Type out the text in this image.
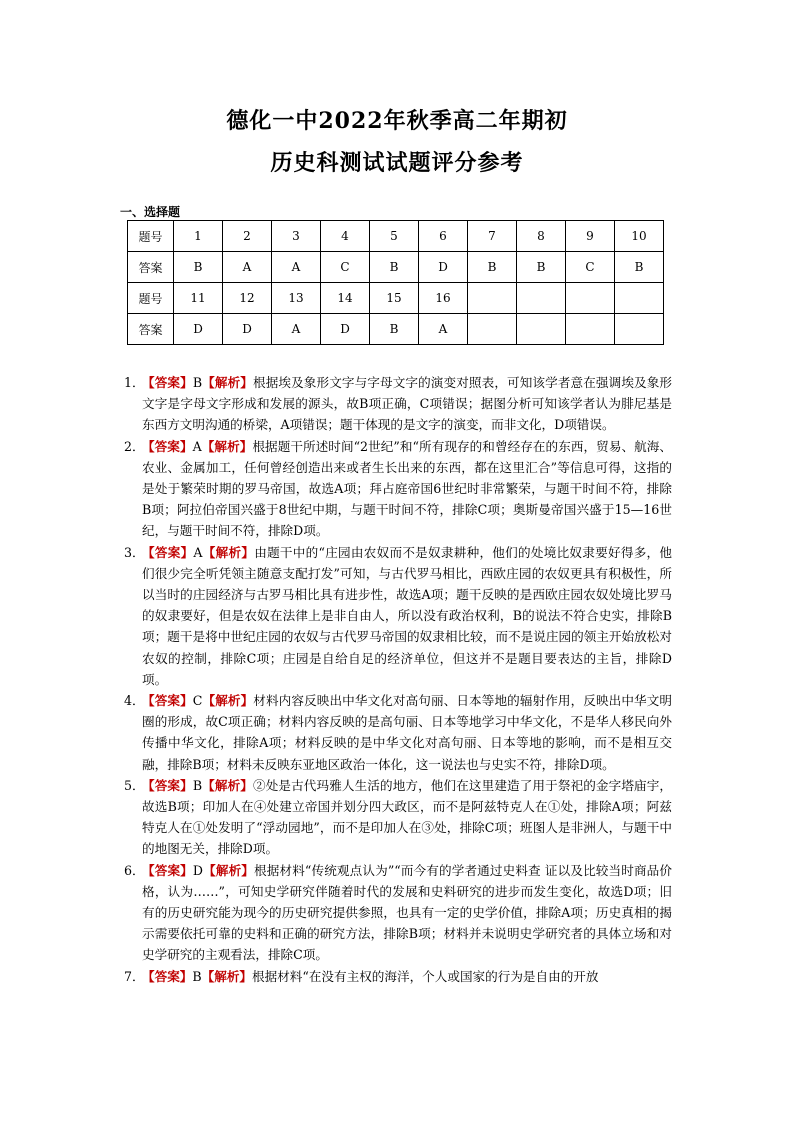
德化一中2022年秋季高二年期初
历史科测试试题评分参考
一、选择题
题号	1	2	3	4	5	6	7	8	9	10
答案	B	A	A	C	B	D	B	B	C	B
题号	11	12	13	14	15	16				
答案	D	D	A	D	B	A				
1．
【答案】B【解析】根据埃及象形文字与字母文字的演变对照表，可知该学者意在强调埃及象形文字是字母文字形成和发展的源头，故B项正确，C项错误；据图分析可知该学者认为腓尼基是东西方文明沟通的桥梁，A项错误；题干体现的是文字的演变，而非文化，D项错误。
2．
【答案】A【解析】根据题干所述时间“2世纪”和“所有现存的和曾经存在的东西，贸易、航海、农业、金属加工，任何曾经创造出来或者生长出来的东西，都在这里汇合”等信息可得，这指的是处于繁荣时期的罗马帝国，故选A项；拜占庭帝国6世纪时非常繁荣，与题干时间不符，排除B项；阿拉伯帝国兴盛于8世纪中期，与题干时间不符，排除C项；奥斯曼帝国兴盛于15—16世纪，与题干时间不符，排除D项。
3．
【答案】A【解析】由题干中的“庄园由农奴而不是奴隶耕种，他们的处境比奴隶要好得多，他们很少完全听凭领主随意支配打发”可知，与古代罗马相比，西欧庄园的农奴更具有积极性，所以当时的庄园经济与古罗马相比具有进步性，故选A项；题干反映的是西欧庄园农奴处境比罗马的奴隶要好，但是农奴在法律上是非自由人，所以没有政治权利，B的说法不符合史实，排除B项；题干是将中世纪庄园的农奴与古代罗马帝国的奴隶相比较，而不是说庄园的领主开始放松对农奴的控制，排除C项；庄园是自给自足的经济单位，但这并不是题目要表达的主旨，排除D项。
4．
【答案】C【解析】材料内容反映出中华文化对高句丽、日本等地的辐射作用，反映出中华文明圈的形成，故C项正确；材料内容反映的是高句丽、日本等地学习中华文化，不是华人移民向外传播中华文化，排除A项；材料反映的是中华文化对高句丽、日本等地的影响，而不是相互交融，排除B项；材料未反映东亚地区政治一体化，这一说法也与史实不符，排除D项。
5．
【答案】B【解析】②处是古代玛雅人生活的地方，他们在这里建造了用于祭祀的金字塔庙宇，故选B项；印加人在④处建立帝国并划分四大政区，而不是阿兹特克人在①处，排除A项；阿兹特克人在①处发明了“浮动园地”，而不是印加人在③处，排除C项；班图人是非洲人，与题干中的地图无关，排除D项。
6．
【答案】D【解析】根据材料“传统观点认为”“而今有的学者通过史料查 证以及比较当时商品价格，认为……”，可知史学研究伴随着时代的发展和史料研究的进步而发生变化，故选D项；旧有的历史研究能为现今的历史研究提供参照，也具有一定的史学价值，排除A项；历史真相的揭示需要依托可靠的史料和正确的研究方法，排除B项；材料并未说明史学研究者的具体立场和对史学研究的主观看法，排除C项。
7．
【答案】B【解析】根据材料“在没有主权的海洋，个人或国家的行为是自由的开放
